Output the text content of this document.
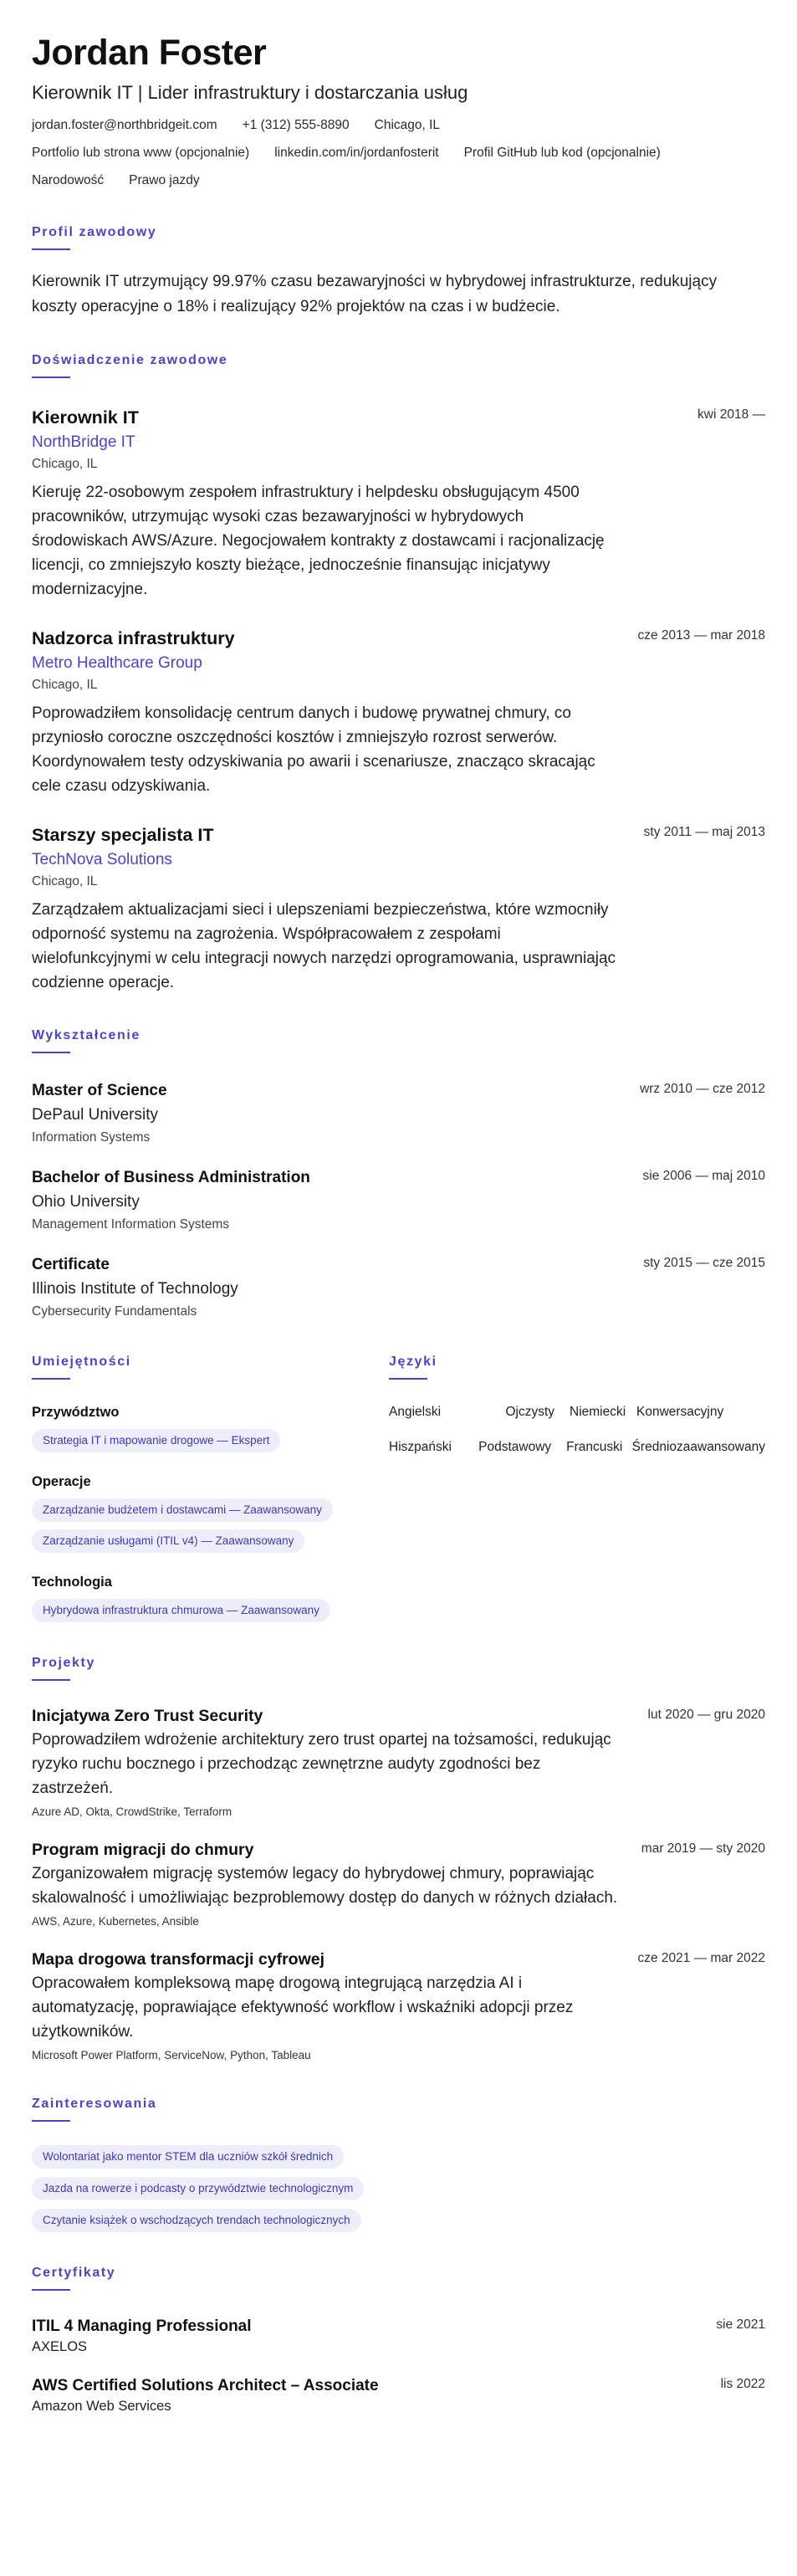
Jordan Foster
Kierownik IT | Lider infrastruktury i dostarczania usług
jordan.foster@northbridgeit.com +1 (312) 555-8890 Chicago, IL
Portfolio lub strona www (opcjonalnie) linkedin.com/in/jordanfosterit Profil GitHub lub kod (opcjonalnie)
Narodowość Prawo jazdy
Profil zawodowy
Kierownik IT utrzymujący 99.97% czasu bezawaryjności w hybrydowej infrastrukturze, redukujący koszty operacyjne o 18% i realizujący 92% projektów na czas i w budżecie.
Doświadczenie zawodowe
Kierownik IT
NorthBridge IT
Chicago, IL
Kieruję 22-osobowym zespołem infrastruktury i helpdesku obsługującym 4500 pracowników, utrzymując wysoki czas bezawaryjności w hybrydowych środowiskach AWS/Azure. Negocjowałem kontrakty z dostawcami i racjonalizację licencji, co zmniejszyło koszty bieżące, jednocześnie finansując inicjatywy modernizacyjne.
kwi 2018 —
Nadzorca infrastruktury
Metro Healthcare Group
Chicago, IL
Poprowadziłem konsolidację centrum danych i budowę prywatnej chmury, co przyniosło coroczne oszczędności kosztów i zmniejszyło rozrost serwerów. Koordynowałem testy odzyskiwania po awarii i scenariusze, znacząco skracając cele czasu odzyskiwania.
cze 2013 — mar 2018
Starszy specjalista IT
TechNova Solutions
Chicago, IL
Zarządzałem aktualizacjami sieci i ulepszeniami bezpieczeństwa, które wzmocniły odporność systemu na zagrożenia. Współpracowałem z zespołami wielofunkcyjnymi w celu integracji nowych narzędzi oprogramowania, usprawniając codzienne operacje.
sty 2011 — maj 2013
Wykształcenie
Master of Science
DePaul University
Information Systems
wrz 2010 — cze 2012
Bachelor of Business Administration
Ohio University
Management Information Systems
sie 2006 — maj 2010
Certificate
Illinois Institute of Technology
Cybersecurity Fundamentals
sty 2015 — cze 2015
Umiejętności
Przywództwo
Strategia IT i mapowanie drogowe — Ekspert
Operacje
Zarządzanie budżetem i dostawcami — Zaawansowany
Zarządzanie usługami (ITIL v4) — Zaawansowany
Technologia
Hybrydowa infrastruktura chmurowa — Zaawansowany
Języki
Angielski	Ojczysty Niemiecki Konwersacyjny
Hiszpański	Podstawowy Francuski Średniozaawansowany
Projekty
Inicjatywa Zero Trust Security
Poprowadziłem wdrożenie architektury zero trust opartej na tożsamości, redukując ryzyko ruchu bocznego i przechodząc zewnętrzne audyty zgodności bez zastrzeżeń.
Azure AD, Okta, CrowdStrike, Terraform
lut 2020 — gru 2020
Program migracji do chmury
Zorganizowałem migrację systemów legacy do hybrydowej chmury, poprawiając skalowalność i umożliwiając bezproblemowy dostęp do danych w różnych działach.
AWS, Azure, Kubernetes, Ansible
mar 2019 — sty 2020
Mapa drogowa transformacji cyfrowej
Opracowałem kompleksową mapę drogową integrującą narzędzia AI i automatyzację, poprawiające efektywność workflow i wskaźniki adopcji przez użytkowników.
Microsoft Power Platform, ServiceNow, Python, Tableau
cze 2021 — mar 2022
Zainteresowania
Wolontariat jako mentor STEM dla uczniów szkół średnich
Jazda na rowerze i podcasty o przywództwie technologicznym
Czytanie książek o wschodzących trendach technologicznych
Certyfikaty
ITIL 4 Managing Professional
AXELOS
sie 2021
AWS Certified Solutions Architect – Associate
Amazon Web Services
lis 2022
